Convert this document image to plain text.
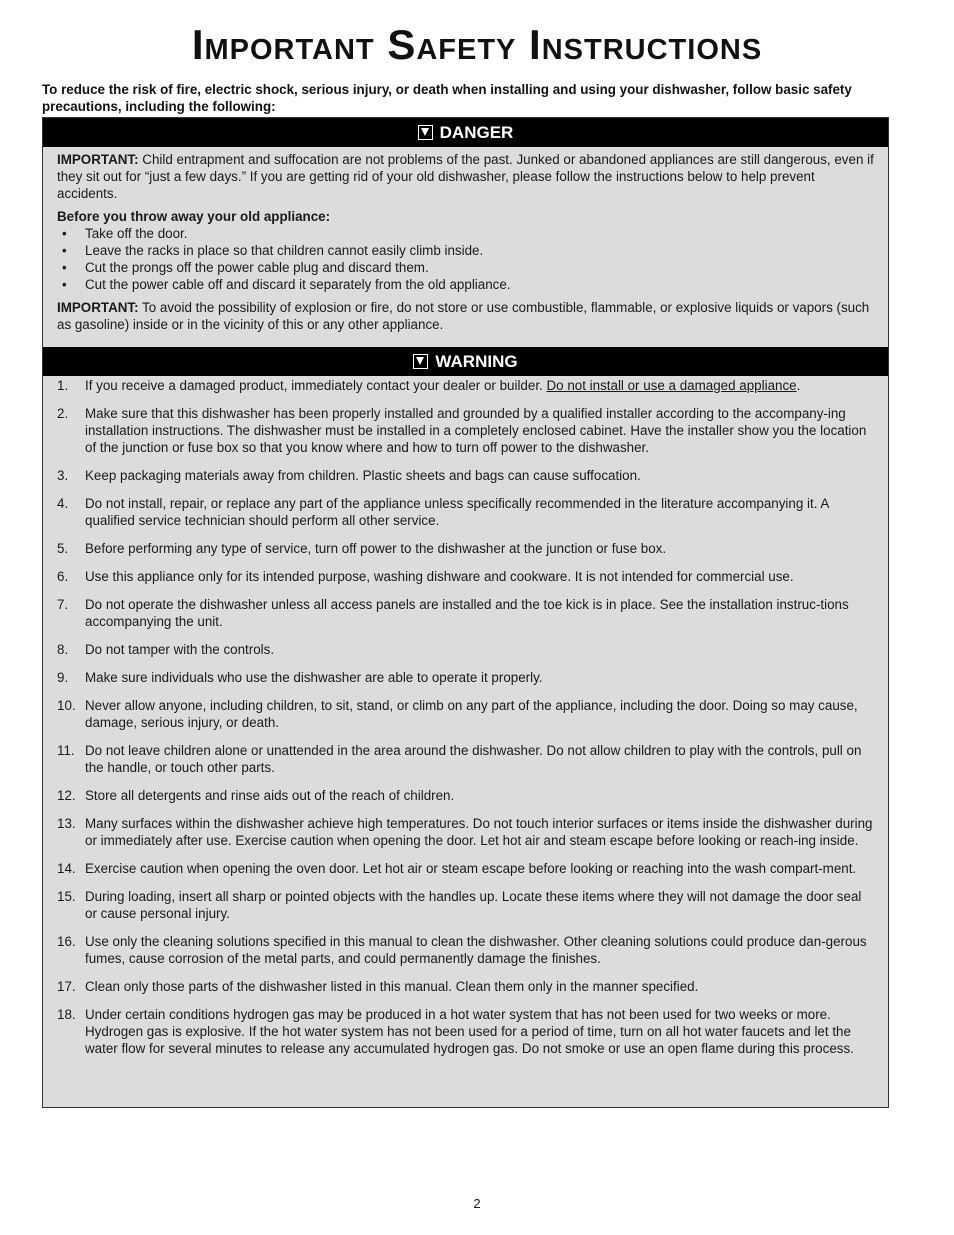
Important Safety Instructions
To reduce the risk of fire, electric shock, serious injury, or death when installing and using your dishwasher, follow basic safety precautions, including the following:
DANGER

IMPORTANT: Child entrapment and suffocation are not problems of the past. Junked or abandoned appliances are still dangerous, even if they sit out for “just a few days.” If you are getting rid of your old dishwasher, please follow the instructions below to help prevent accidents.

Before you throw away your old appliance:
• Take off the door.
• Leave the racks in place so that children cannot easily climb inside.
• Cut the prongs off the power cable plug and discard them.
• Cut the power cable off and discard it separately from the old appliance.

IMPORTANT: To avoid the possibility of explosion or fire, do not store or use combustible, flammable, or explosive liquids or vapors (such as gasoline) inside or in the vicinity of this or any other appliance.

WARNING
1. If you receive a damaged product, immediately contact your dealer or builder. Do not install or use a damaged appliance.
2. Make sure that this dishwasher has been properly installed and grounded by a qualified installer according to the accompany-ing installation instructions. The dishwasher must be installed in a completely enclosed cabinet. Have the installer show you the location of the junction or fuse box so that you know where and how to turn off power to the dishwasher.
3. Keep packaging materials away from children. Plastic sheets and bags can cause suffocation.
4. Do not install, repair, or replace any part of the appliance unless specifically recommended in the literature accompanying it. A qualified service technician should perform all other service.
5. Before performing any type of service, turn off power to the dishwasher at the junction or fuse box.
6. Use this appliance only for its intended purpose, washing dishware and cookware. It is not intended for commercial use.
7. Do not operate the dishwasher unless all access panels are installed and the toe kick is in place. See the installation instruc-tions accompanying the unit.
8. Do not tamper with the controls.
9. Make sure individuals who use the dishwasher are able to operate it properly.
10. Never allow anyone, including children, to sit, stand, or climb on any part of the appliance, including the door. Doing so may cause, damage, serious injury, or death.
11. Do not leave children alone or unattended in the area around the dishwasher. Do not allow children to play with the controls, pull on the handle, or touch other parts.
12. Store all detergents and rinse aids out of the reach of children.
13. Many surfaces within the dishwasher achieve high temperatures. Do not touch interior surfaces or items inside the dishwasher during or immediately after use. Exercise caution when opening the door. Let hot air and steam escape before looking or reach-ing inside.
14. Exercise caution when opening the oven door. Let hot air or steam escape before looking or reaching into the wash compart-ment.
15. During loading, insert all sharp or pointed objects with the handles up. Locate these items where they will not damage the door seal or cause personal injury.
16. Use only the cleaning solutions specified in this manual to clean the dishwasher. Other cleaning solutions could produce dan-gerous fumes, cause corrosion of the metal parts, and could permanently damage the finishes.
17. Clean only those parts of the dishwasher listed in this manual. Clean them only in the manner specified.
18. Under certain conditions hydrogen gas may be produced in a hot water system that has not been used for two weeks or more. Hydrogen gas is explosive. If the hot water system has not been used for a period of time, turn on all hot water faucets and let the water flow for several minutes to release any accumulated hydrogen gas. Do not smoke or use an open flame during this process.
2
